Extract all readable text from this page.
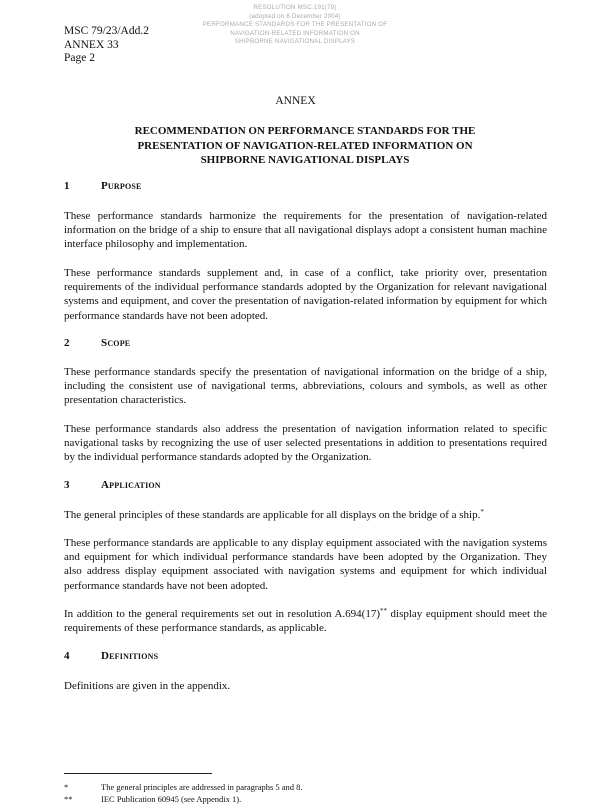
RESOLUTION MSC.191(79)
(adopted on 6 December 2004)
PERFORMANCE STANDARDS FOR THE PRESENTATION OF
NAVIGATION-RELATED INFORMATION ON
SHIPBORNE NAVIGATIONAL DISPLAYS
MSC 79/23/Add.2
ANNEX 33
Page 2
ANNEX
RECOMMENDATION ON PERFORMANCE STANDARDS FOR THE
PRESENTATION OF NAVIGATION-RELATED INFORMATION ON
SHIPBORNE NAVIGATIONAL DISPLAYS
1	Purpose
These performance standards harmonize the requirements for the presentation of navigation-related information on the bridge of a ship to ensure that all navigational displays adopt a consistent human machine interface philosophy and implementation.
These performance standards supplement and, in case of a conflict, take priority over, presentation requirements of the individual performance standards adopted by the Organization for relevant navigational systems and equipment, and cover the presentation of navigation-related information by equipment for which performance standards have not been adopted.
2	Scope
These performance standards specify the presentation of navigational information on the bridge of a ship, including the consistent use of navigational terms, abbreviations, colours and symbols, as well as other presentation characteristics.
These performance standards also address the presentation of navigation information related to specific navigational tasks by recognizing the use of user selected presentations in addition to presentations required by the individual performance standards adopted by the Organization.
3	Application
The general principles of these standards are applicable for all displays on the bridge of a ship.*
These performance standards are applicable to any display equipment associated with the navigation systems and equipment for which individual performance standards have been adopted by the Organization. They also address display equipment associated with navigation systems and equipment for which individual performance standards have not been adopted.
In addition to the general requirements set out in resolution A.694(17)** display equipment should meet the requirements of these performance standards, as applicable.
4	Definitions
Definitions are given in the appendix.
*	The general principles are addressed in paragraphs 5 and 8.
**	IEC Publication 60945 (see Appendix 1).
